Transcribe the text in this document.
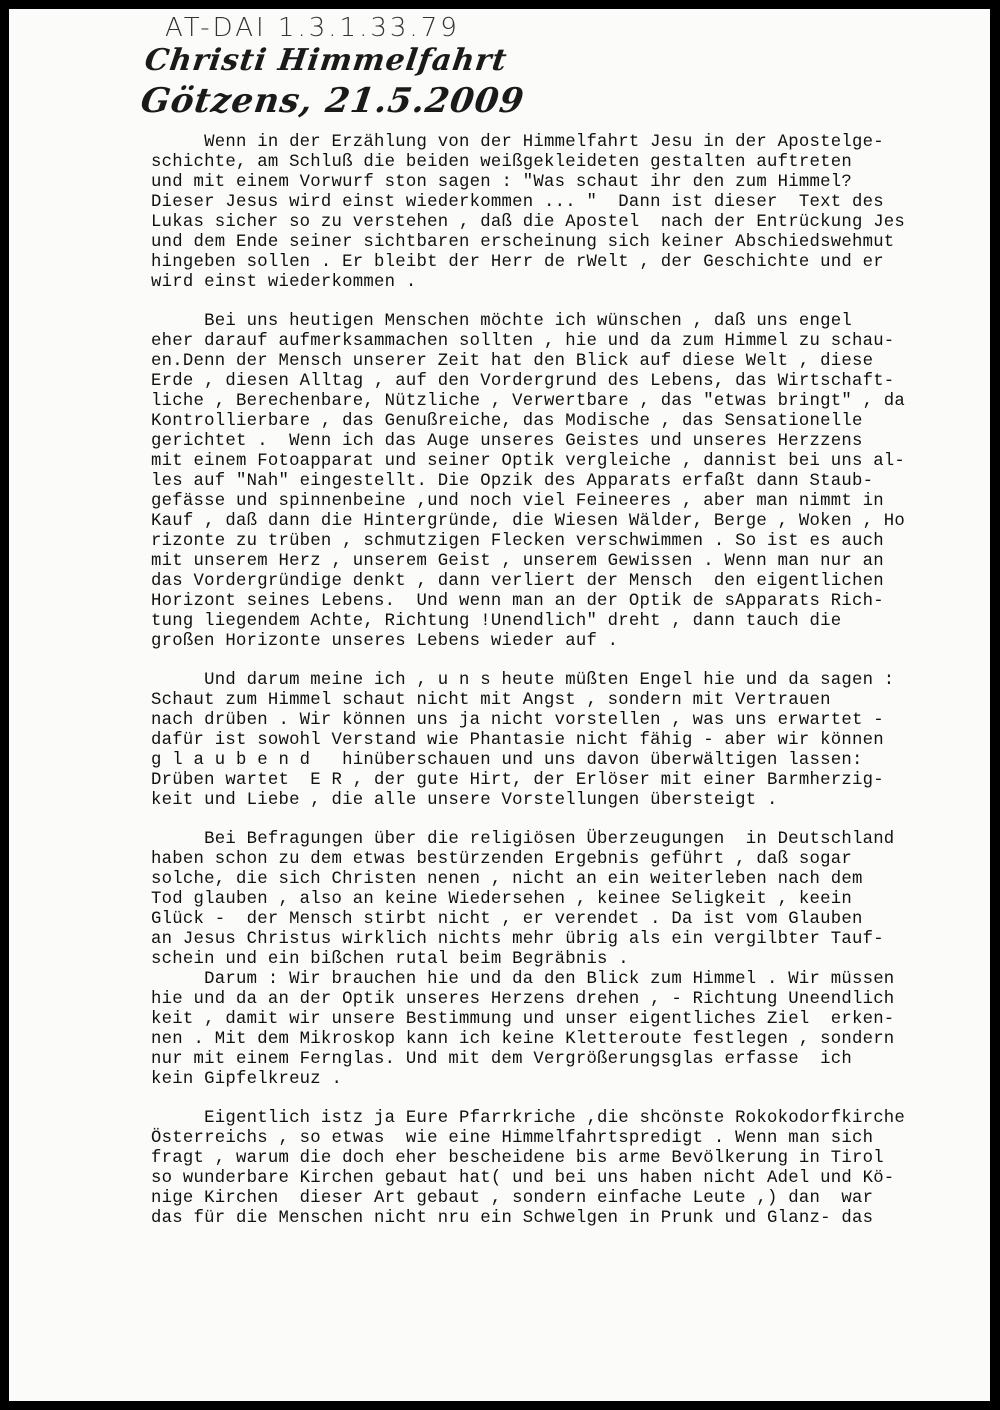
AT-DAI 1.3.1.33.79
Christi Himmelfahrt
Götzens, 21.5.2009
Wenn in der Erzählung von der Himmelfahrt Jesu in der Apostelge-
schichte, am Schluß die beiden weißgekleideten gestalten auftreten
und mit einem Vorwurf ston sagen : "Was schaut ihr den zum Himmel?
Dieser Jesus wird einst wiederkommen ... "  Dann ist dieser  Text des
Lukas sicher so zu verstehen , daß die Apostel  nach der Entrückung Jes
und dem Ende seiner sichtbaren erscheinung sich keiner Abschiedswehmut
hingeben sollen . Er bleibt der Herr de rWelt , der Geschichte und er
wird einst wiederkommen .
Bei uns heutigen Menschen möchte ich wünschen , daß uns engel
eher darauf aufmerksammachen sollten , hie und da zum Himmel zu schau-
en.Denn der Mensch unserer Zeit hat den Blick auf diese Welt , diese
Erde , diesen Alltag , auf den Vordergrund des Lebens, das Wirtschaft-
liche , Berechenbare, Nützliche , Verwertbare , das "etwas bringt" , da
Kontrollierbare , das Genußreiche, das Modische , das Sensationelle
gerichtet .  Wenn ich das Auge unseres Geistes und unseres Herzzens
mit einem Fotoapparat und seiner Optik vergleiche , dannist bei uns al-
les auf "Nah" eingestellt. Die Opzik des Apparats erfaßt dann Staub-
gefässe und spinnenbeine ,und noch viel Feineeres , aber man nimmt in
Kauf , daß dann die Hintergründe, die Wiesen Wälder, Berge , Woken , Ho
rizonte zu trüben , schmutzigen Flecken verschwimmen . So ist es auch
mit unserem Herz , unserem Geist , unserem Gewissen . Wenn man nur an
das Vordergründige denkt , dann verliert der Mensch  den eigentlichen
Horizont seines Lebens.  Und wenn man an der Optik de sApparats Rich-
tung liegendem Achte, Richtung !Unendlich" dreht , dann tauch die
großen Horizonte unseres Lebens wieder auf .
Und darum meine ich , u n s heute müßten Engel hie und da sagen :
Schaut zum Himmel schaut nicht mit Angst , sondern mit Vertrauen
nach drüben . Wir können uns ja nicht vorstellen , was uns erwartet -
dafür ist sowohl Verstand wie Phantasie nicht fähig - aber wir können
g l a u b e n d   hinüberschauen und uns davon überwältigen lassen:
Drüben wartet  E R , der gute Hirt, der Erlöser mit einer Barmherzig-
keit und Liebe , die alle unsere Vorstellungen übersteigt .
Bei Befragungen über die religiösen Überzeugungen  in Deutschland
haben schon zu dem etwas bestürzenden Ergebnis geführt , daß sogar
solche, die sich Christen nenen , nicht an ein weiterleben nach dem
Tod glauben , also an keine Wiedersehen , keinee Seligkeit , keein
Glück -  der Mensch stirbt nicht , er verendet . Da ist vom Glauben
an Jesus Christus wirklich nichts mehr übrig als ein vergilbter Tauf-
schein und ein bißchen rutal beim Begräbnis .
Darum : Wir brauchen hie und da den Blick zum Himmel . Wir müssen
hie und da an der Optik unseres Herzens drehen , - Richtung Uneendlich
keit , damit wir unsere Bestimmung und unser eigentliches Ziel  erken-
nen . Mit dem Mikroskop kann ich keine Kletteroute festlegen , sondern
nur mit einem Fernglas. Und mit dem Vergrößerungsglas erfasse  ich
kein Gipfelkreuz .
Eigentlich istz ja Eure Pfarrkriche ,die shcönste Rokokodorfkirche
Österreichs , so etwas  wie eine Himmelfahrtspredigt . Wenn man sich
fragt , warum die doch eher bescheidene bis arme Bevölkerung in Tirol
so wunderbare Kirchen gebaut hat( und bei uns haben nicht Adel und Kö-
nige Kirchen  dieser Art gebaut , sondern einfache Leute ,) dan  war
das für die Menschen nicht nru ein Schwelgen in Prunk und Glanz- das
